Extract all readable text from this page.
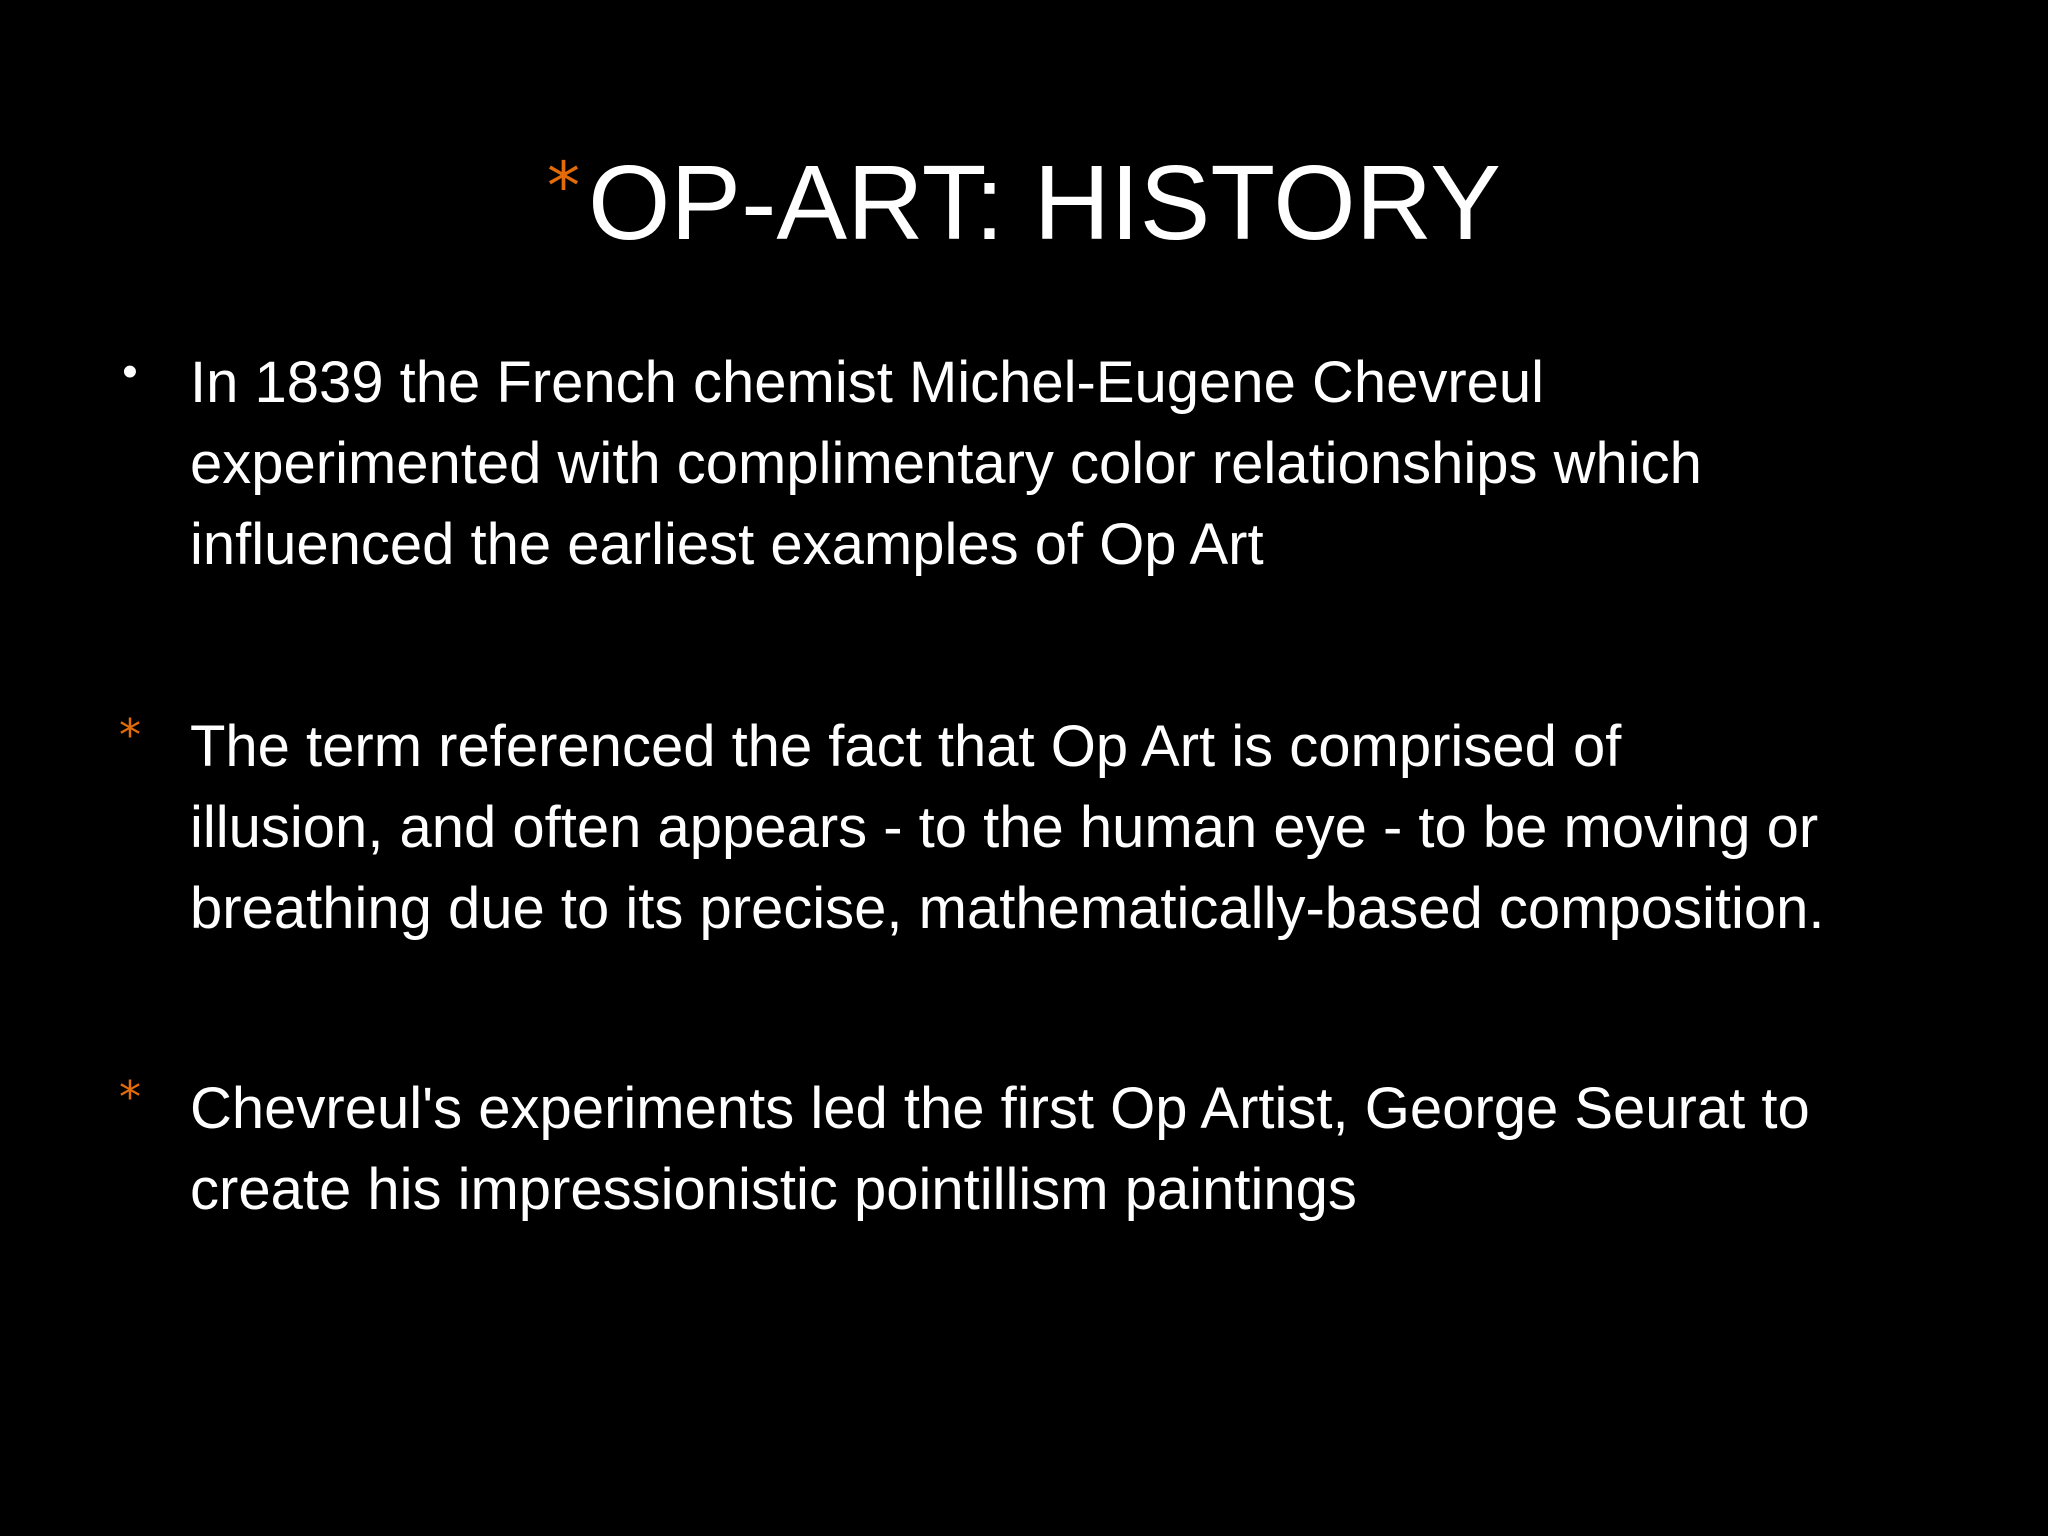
*OP-ART: HISTORY
• In 1839 the French chemist Michel-Eugene Chevreul
experimented with complimentary color relationships which
influenced the earliest examples of Op Art
* The term referenced the fact that Op Art is comprised of
illusion, and often appears - to the human eye - to be moving or
breathing due to its precise, mathematically-based composition.
* Chevreul's experiments led the first Op Artist, George Seurat to
create his impressionistic pointillism paintings
